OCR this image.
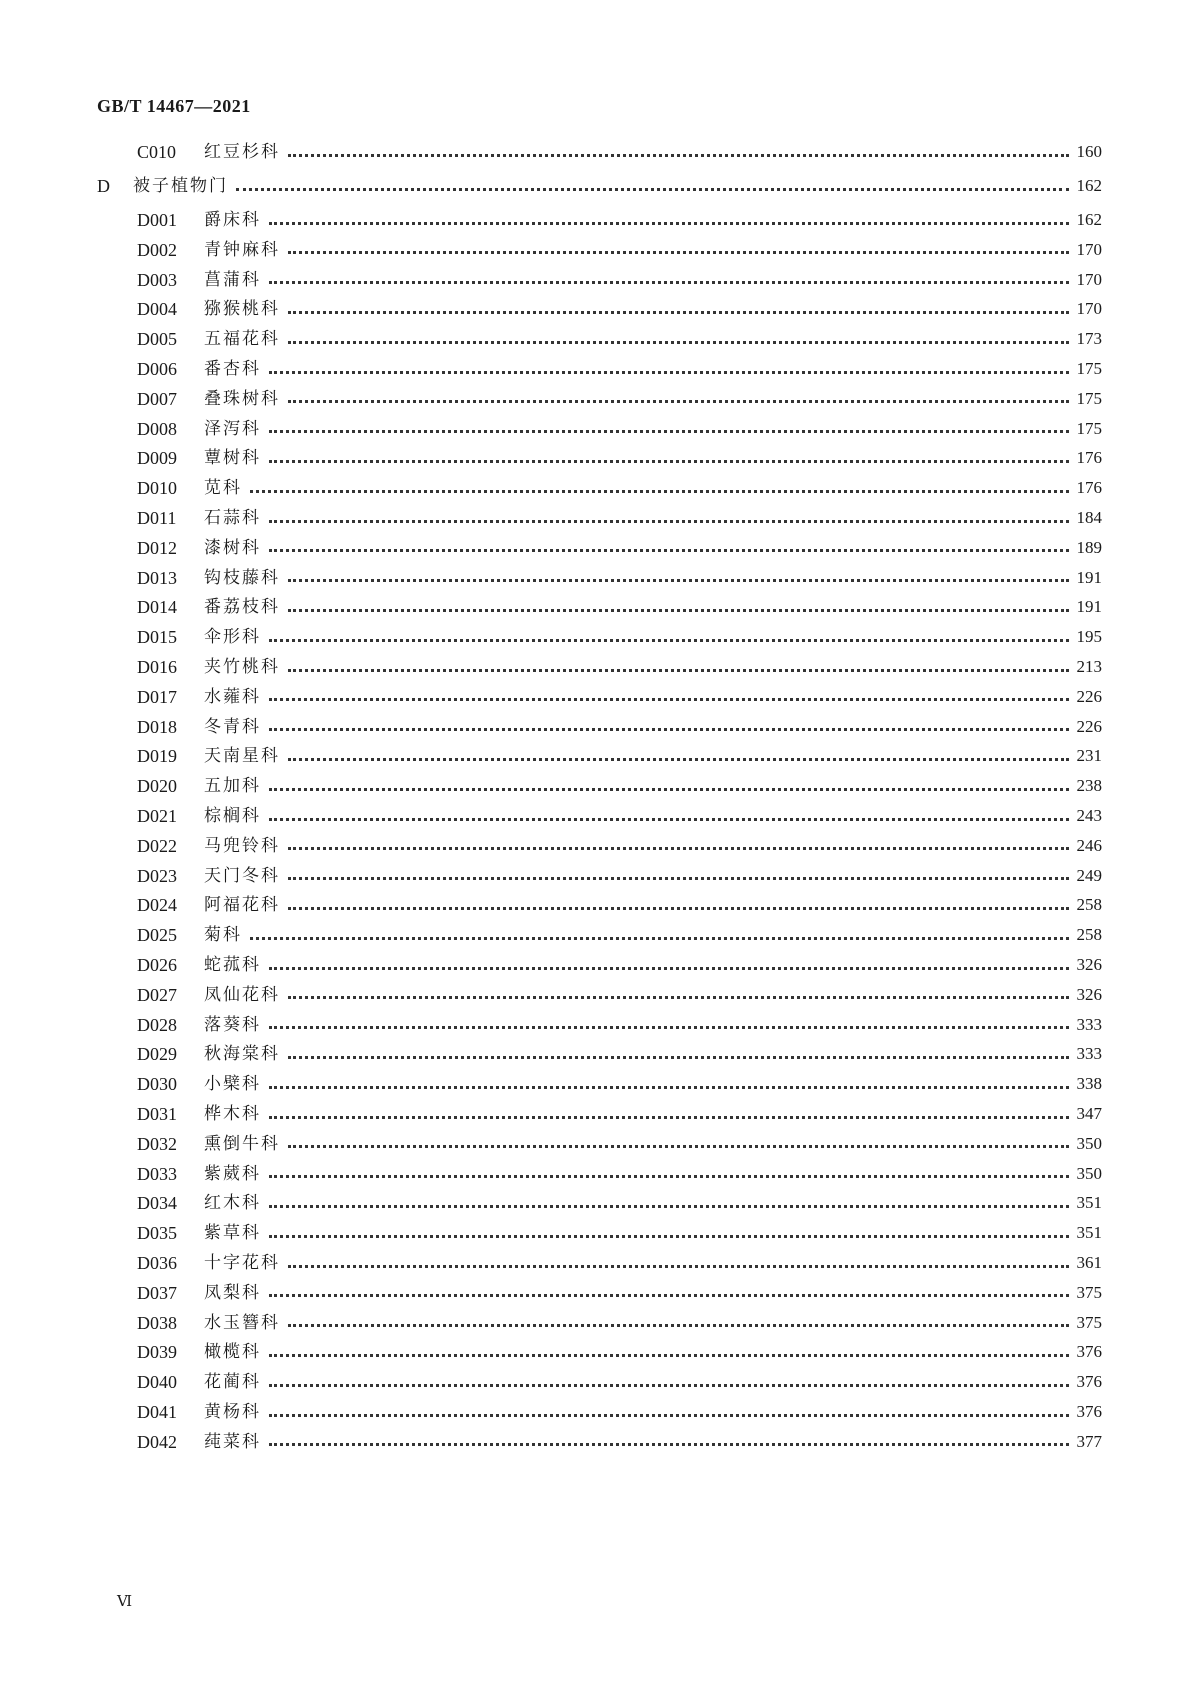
GB/T 14467—2021
C010	红豆杉科	160
D	被子植物门	162
D001	爵床科	162
D002	青钟麻科	170
D003	菖蒲科	170
D004	猕猴桃科	170
D005	五福花科	173
D006	番杏科	175
D007	叠珠树科	175
D008	泽泻科	175
D009	蕈树科	176
D010	苋科	176
D011	石蒜科	184
D012	漆树科	189
D013	钩枝藤科	191
D014	番荔枝科	191
D015	伞形科	195
D016	夹竹桃科	213
D017	水蕹科	226
D018	冬青科	226
D019	天南星科	231
D020	五加科	238
D021	棕榈科	243
D022	马兜铃科	246
D023	天门冬科	249
D024	阿福花科	258
D025	菊科	258
D026	蛇菰科	326
D027	凤仙花科	326
D028	落葵科	333
D029	秋海棠科	333
D030	小檗科	338
D031	桦木科	347
D032	熏倒牛科	350
D033	紫葳科	350
D034	红木科	351
D035	紫草科	351
D036	十字花科	361
D037	凤梨科	375
D038	水玉簪科	375
D039	橄榄科	376
D040	花蔺科	376
D041	黄杨科	376
D042	莼菜科	377
Ⅵ
